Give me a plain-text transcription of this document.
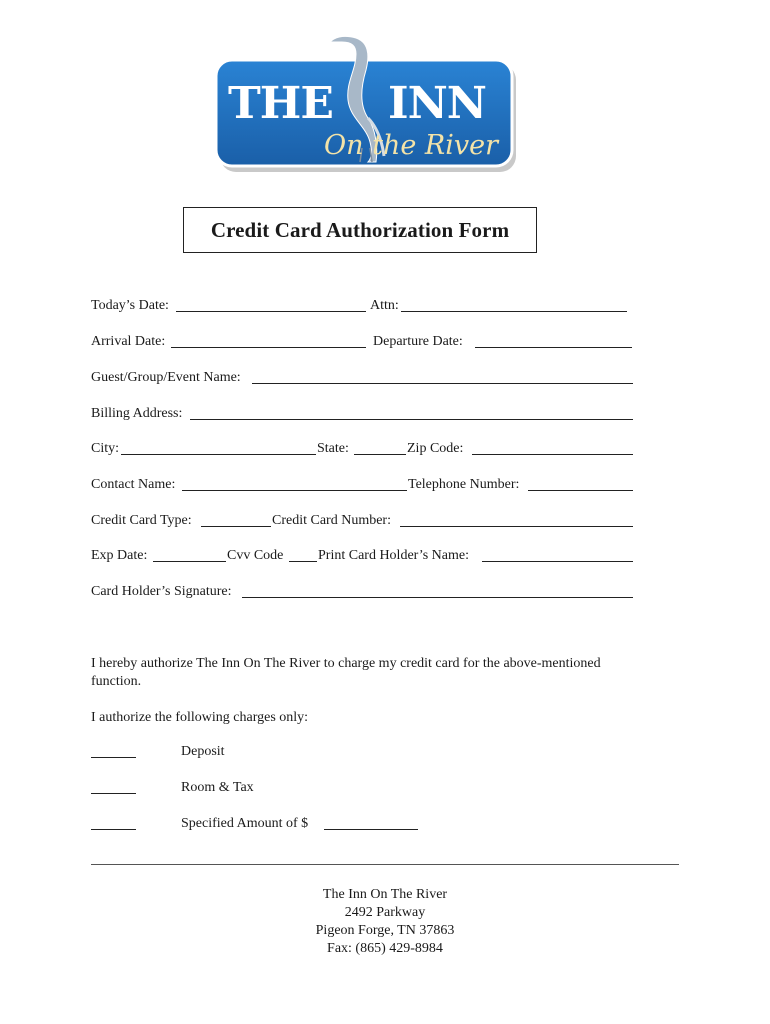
THE INN
On the River
Credit Card Authorization Form
Today’s Date:	Attn:
Arrival Date:	Departure Date:
Guest/Group/Event Name:
Billing Address:
City:	State:	Zip Code:
Contact Name:	Telephone Number:
Credit Card Type:	Credit Card Number:
Exp Date:	Cvv Code Print Card Holder’s Name:
Card Holder’s Signature:
I hereby authorize The Inn On The River to charge my credit card for the above-mentioned function.
I authorize the following charges only:
Deposit
Room & Tax
Specified Amount of $
The Inn On The River
2492 Parkway
Pigeon Forge, TN 37863
Fax: (865) 429-8984
